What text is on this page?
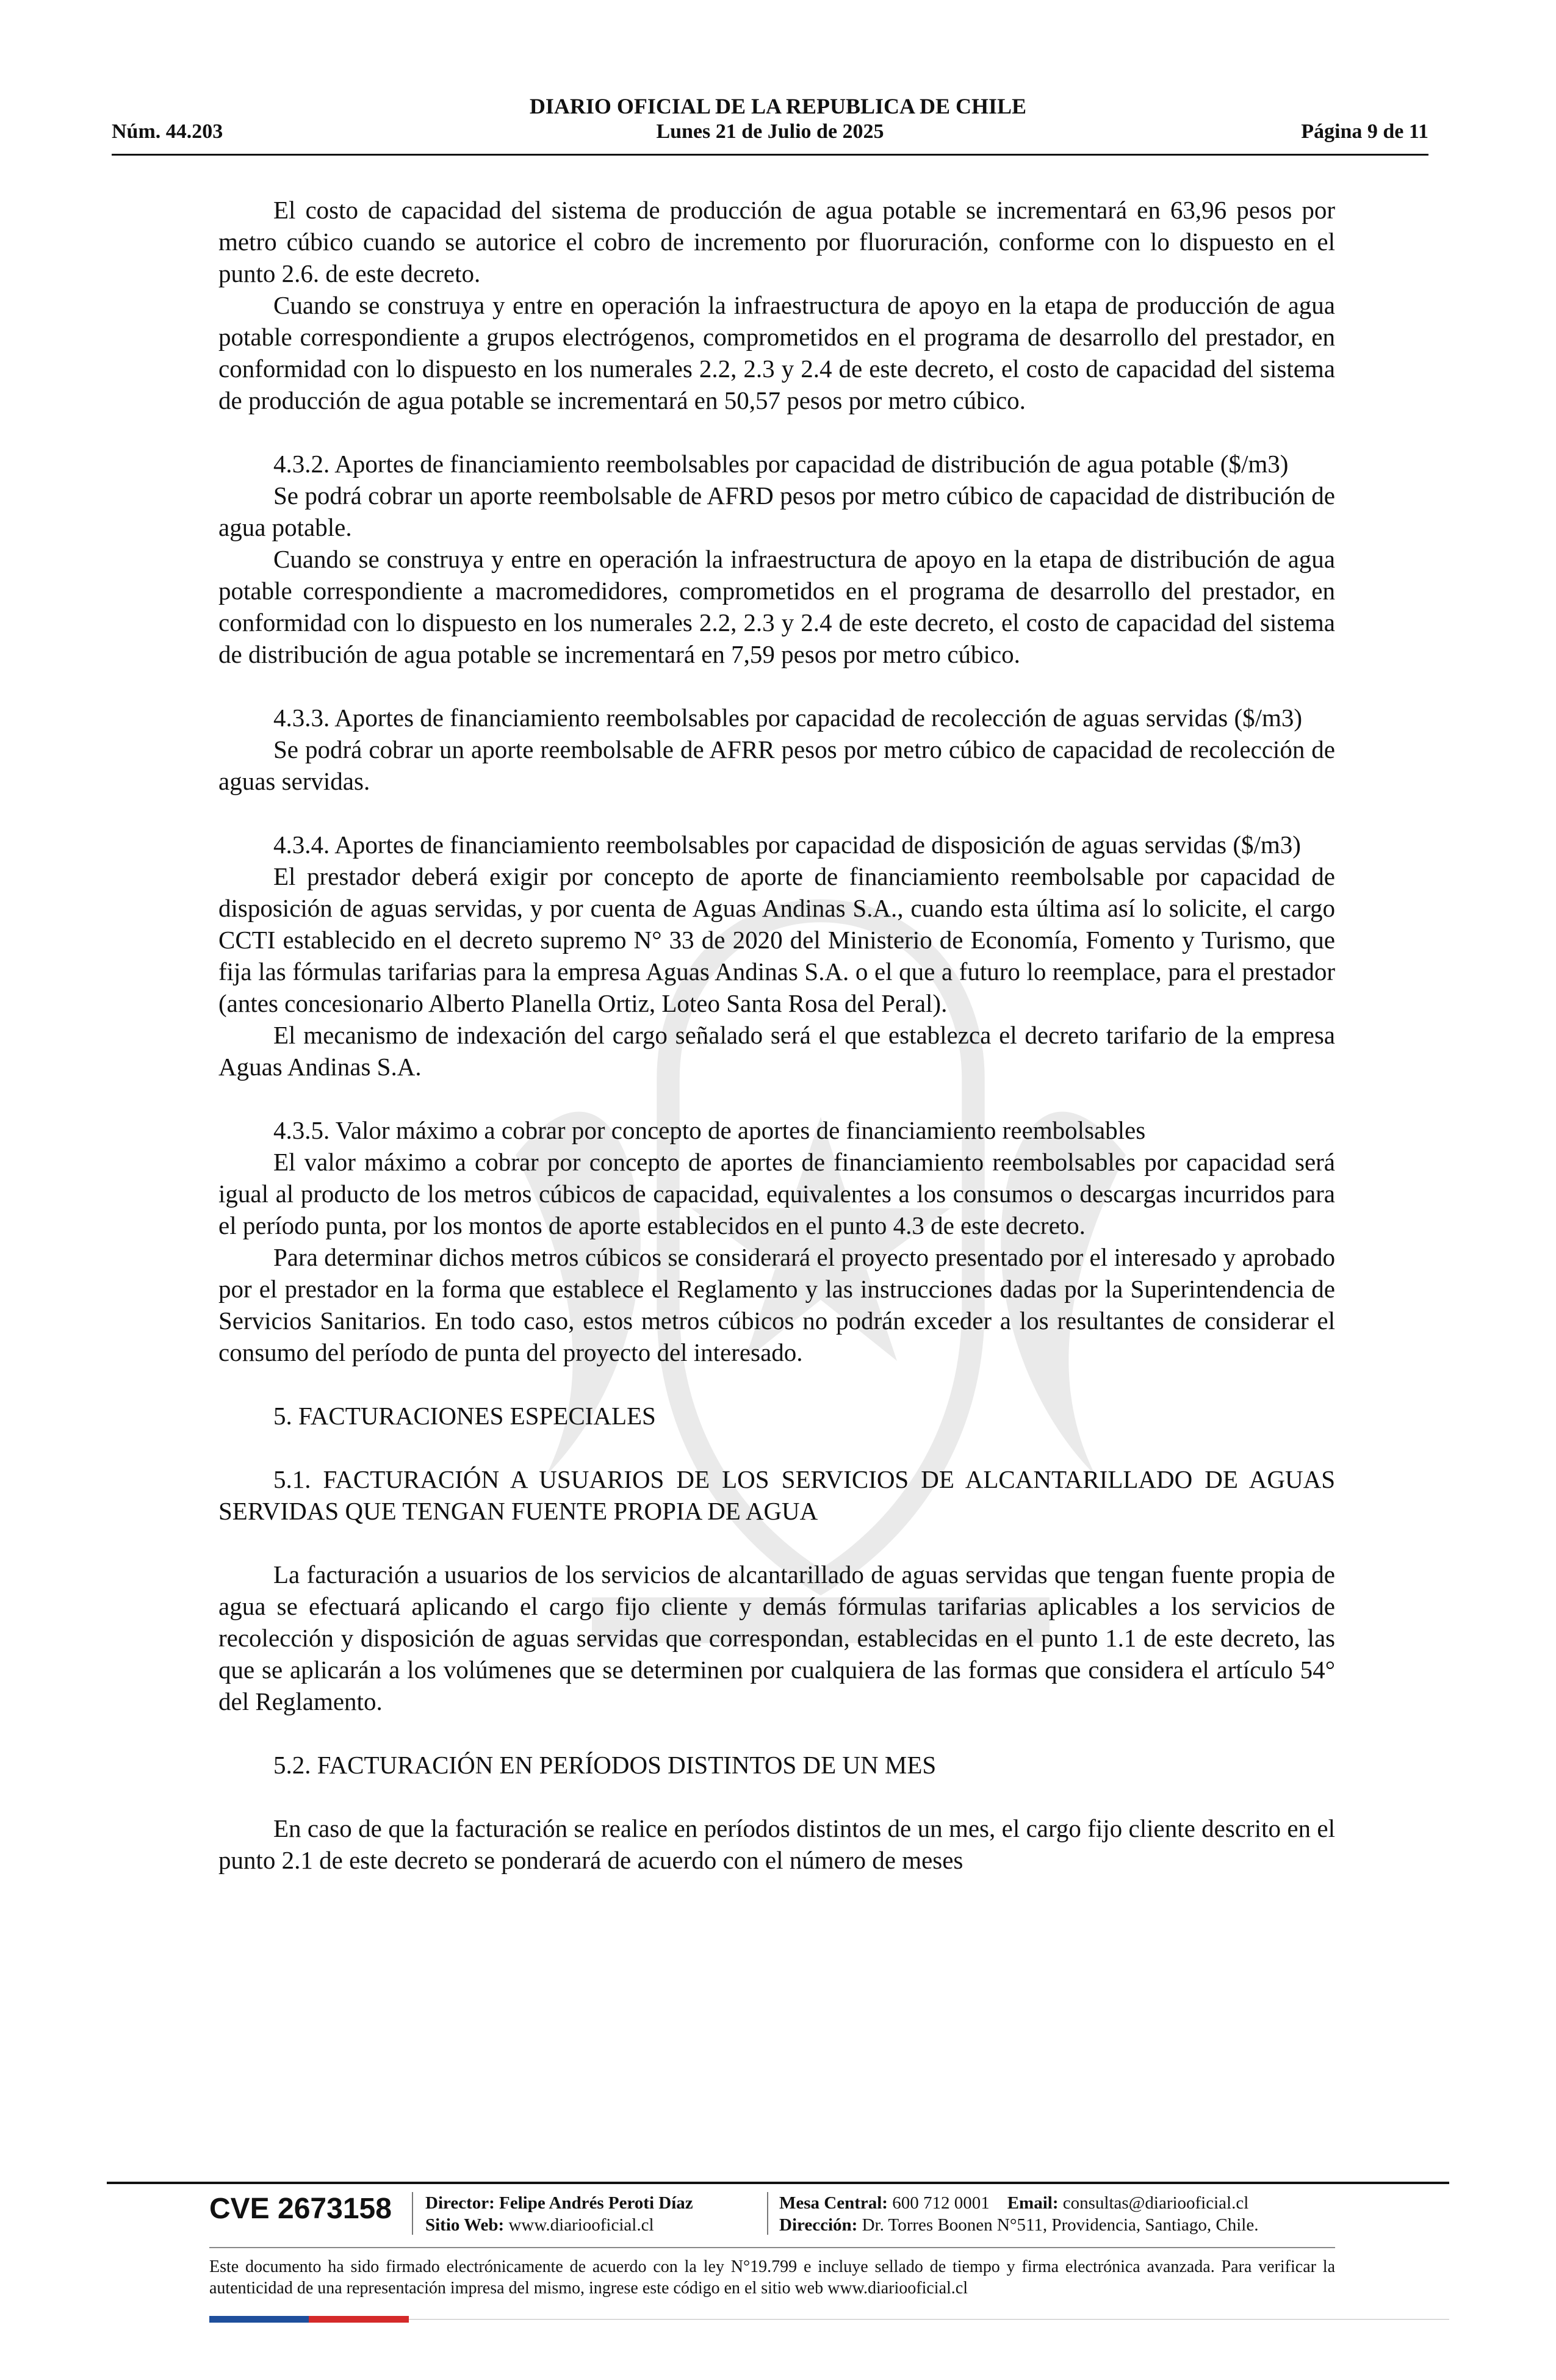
DIARIO OFICIAL DE LA REPUBLICA DE CHILE
Lunes 21 de Julio de 2025
Núm. 44.203	Página 9 de 11

El costo de capacidad del sistema de producción de agua potable se incrementará en 63,96 pesos por metro cúbico cuando se autorice el cobro de incremento por fluoruración, conforme con lo dispuesto en el punto 2.6. de este decreto.

Cuando se construya y entre en operación la infraestructura de apoyo en la etapa de producción de agua potable correspondiente a grupos electrógenos, comprometidos en el programa de desarrollo del prestador, en conformidad con lo dispuesto en los numerales 2.2, 2.3 y 2.4 de este decreto, el costo de capacidad del sistema de producción de agua potable se incrementará en 50,57 pesos por metro cúbico.

4.3.2. Aportes de financiamiento reembolsables por capacidad de distribución de agua potable ($/m3)

Se podrá cobrar un aporte reembolsable de AFRD pesos por metro cúbico de capacidad de distribución de agua potable.

Cuando se construya y entre en operación la infraestructura de apoyo en la etapa de distribución de agua potable correspondiente a macromedidores, comprometidos en el programa de desarrollo del prestador, en conformidad con lo dispuesto en los numerales 2.2, 2.3 y 2.4 de este decreto, el costo de capacidad del sistema de distribución de agua potable se incrementará en 7,59 pesos por metro cúbico.

4.3.3. Aportes de financiamiento reembolsables por capacidad de recolección de aguas servidas ($/m3)

Se podrá cobrar un aporte reembolsable de AFRR pesos por metro cúbico de capacidad de recolección de aguas servidas.

4.3.4. Aportes de financiamiento reembolsables por capacidad de disposición de aguas servidas ($/m3)

El prestador deberá exigir por concepto de aporte de financiamiento reembolsable por capacidad de disposición de aguas servidas, y por cuenta de Aguas Andinas S.A., cuando esta última así lo solicite, el cargo CCTI establecido en el decreto supremo N° 33 de 2020 del Ministerio de Economía, Fomento y Turismo, que fija las fórmulas tarifarias para la empresa Aguas Andinas S.A. o el que a futuro lo reemplace, para el prestador (antes concesionario Alberto Planella Ortiz, Loteo Santa Rosa del Peral).

El mecanismo de indexación del cargo señalado será el que establezca el decreto tarifario de la empresa Aguas Andinas S.A.

4.3.5. Valor máximo a cobrar por concepto de aportes de financiamiento reembolsables

El valor máximo a cobrar por concepto de aportes de financiamiento reembolsables por capacidad será igual al producto de los metros cúbicos de capacidad, equivalentes a los consumos o descargas incurridos para el período punta, por los montos de aporte establecidos en el punto 4.3 de este decreto.

Para determinar dichos metros cúbicos se considerará el proyecto presentado por el interesado y aprobado por el prestador en la forma que establece el Reglamento y las instrucciones dadas por la Superintendencia de Servicios Sanitarios. En todo caso, estos metros cúbicos no podrán exceder a los resultantes de considerar el consumo del período de punta del proyecto del interesado.

5. FACTURACIONES ESPECIALES

5.1. FACTURACIÓN A USUARIOS DE LOS SERVICIOS DE ALCANTARILLADO DE AGUAS SERVIDAS QUE TENGAN FUENTE PROPIA DE AGUA

La facturación a usuarios de los servicios de alcantarillado de aguas servidas que tengan fuente propia de agua se efectuará aplicando el cargo fijo cliente y demás fórmulas tarifarias aplicables a los servicios de recolección y disposición de aguas servidas que correspondan, establecidas en el punto 1.1 de este decreto, las que se aplicarán a los volúmenes que se determinen por cualquiera de las formas que considera el artículo 54° del Reglamento.

5.2. FACTURACIÓN EN PERÍODOS DISTINTOS DE UN MES

En caso de que la facturación se realice en períodos distintos de un mes, el cargo fijo cliente descrito en el punto 2.1 de este decreto se ponderará de acuerdo con el número de meses

CVE 2673158 Director: Felipe Andrés Peroti Díaz
Sitio Web: www.diariooficial.cl
Mesa Central: 600 712 0001 Email: consultas@diariooficial.cl
Dirección: Dr. Torres Boonen N°511, Providencia, Santiago, Chile.
Este documento ha sido firmado electrónicamente de acuerdo con la ley N°19.799 e incluye sellado de tiempo y firma electrónica avanzada. Para verificar la autenticidad de una representación impresa del mismo, ingrese este código en el sitio web www.diariooficial.cl
